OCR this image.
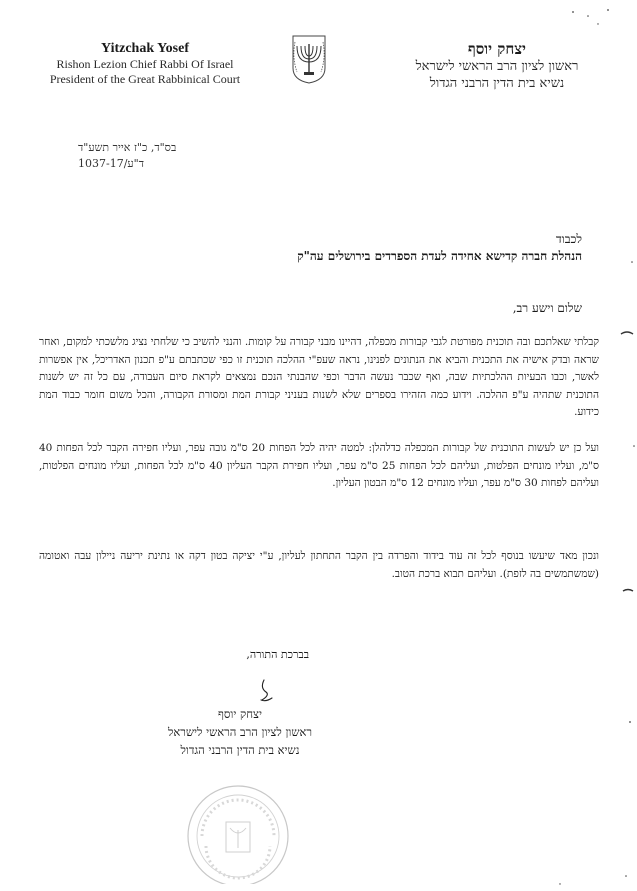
Yitzchak Yosef
Rishon Lezion Chief Rabbi Of Israel
President of the Great Rabbinical Court
יצחק יוסף
ראשון לציון הרב הראשי לישראל
נשיא בית הדין הרבני הגדול
בס"ד, כ"ז אייר תשע"ד
ד"ע/1037-17
לכבוד
הנהלת חברה קדישא אחידה לעדת הספרדים בירושלים עה"ק
שלום וישע רב,
קבלתי שאלתכם ובה תוכנית מפורטת לגבי קבורות מכפלה, דהיינו מבני קבורה על קומות. והנני להשיב כי שלחתי נציג מלשכתי למקום, ואחר שראה ובדק אישיה את התכנית והביא את הנתונים לפנינו, נראה שעפ"י ההלכה תוכנית זו כפי שכתבתם ע"פ תכנון האדריכל, אין אפשרות לאשר, וכבו הבעיות ההלכתיות שבה, ואף שכבר נעשה הדבר וכפי שהבנתי הנכם נמצאים לקראת סיום העבודה, עם כל זה יש לשנות התוכנית שתהיה ע"פ ההלכה. וידוע כמה הזהירו בספרים שלא לשנות בעניני קבורת המת ומסורת הקבורה, והכל משום חומר כבוד המת כידוע.
ועל כן יש לעשות התוכנית של קבורות המכפלה כדלהלן: למטה יהיה לכל הפחות 20 ס"מ גובה עפר, ועליו חפירה הקבר לכל הפחות 40 ס"מ, ועליו מונחים הפלטות, ועליהם לכל הפחות 25 ס"מ עפר, ועליו חפירת הקבר העליון 40 ס"מ לכל הפחות, ועליו מונחים הפלטות, ועליהם לפחות 30 ס"מ עפר, ועליו מונחים 12 ס"מ הבטון העליון.
ונכון מאד שיעשו בנוסף לכל זה עוד בידוד והפרדה בין הקבר התחתון לעליון, ע"י יציקה בטון דקה או נתינת יריעה ניילון עבה ואטומה (שמשתמשים בה לזפת). ועליהם תבוא ברכת הטוב.
בברכת התורה,
יצחק יוסף
ראשון לציון הרב הראשי לישראל
נשיא בית הדין הרבני הגדול
